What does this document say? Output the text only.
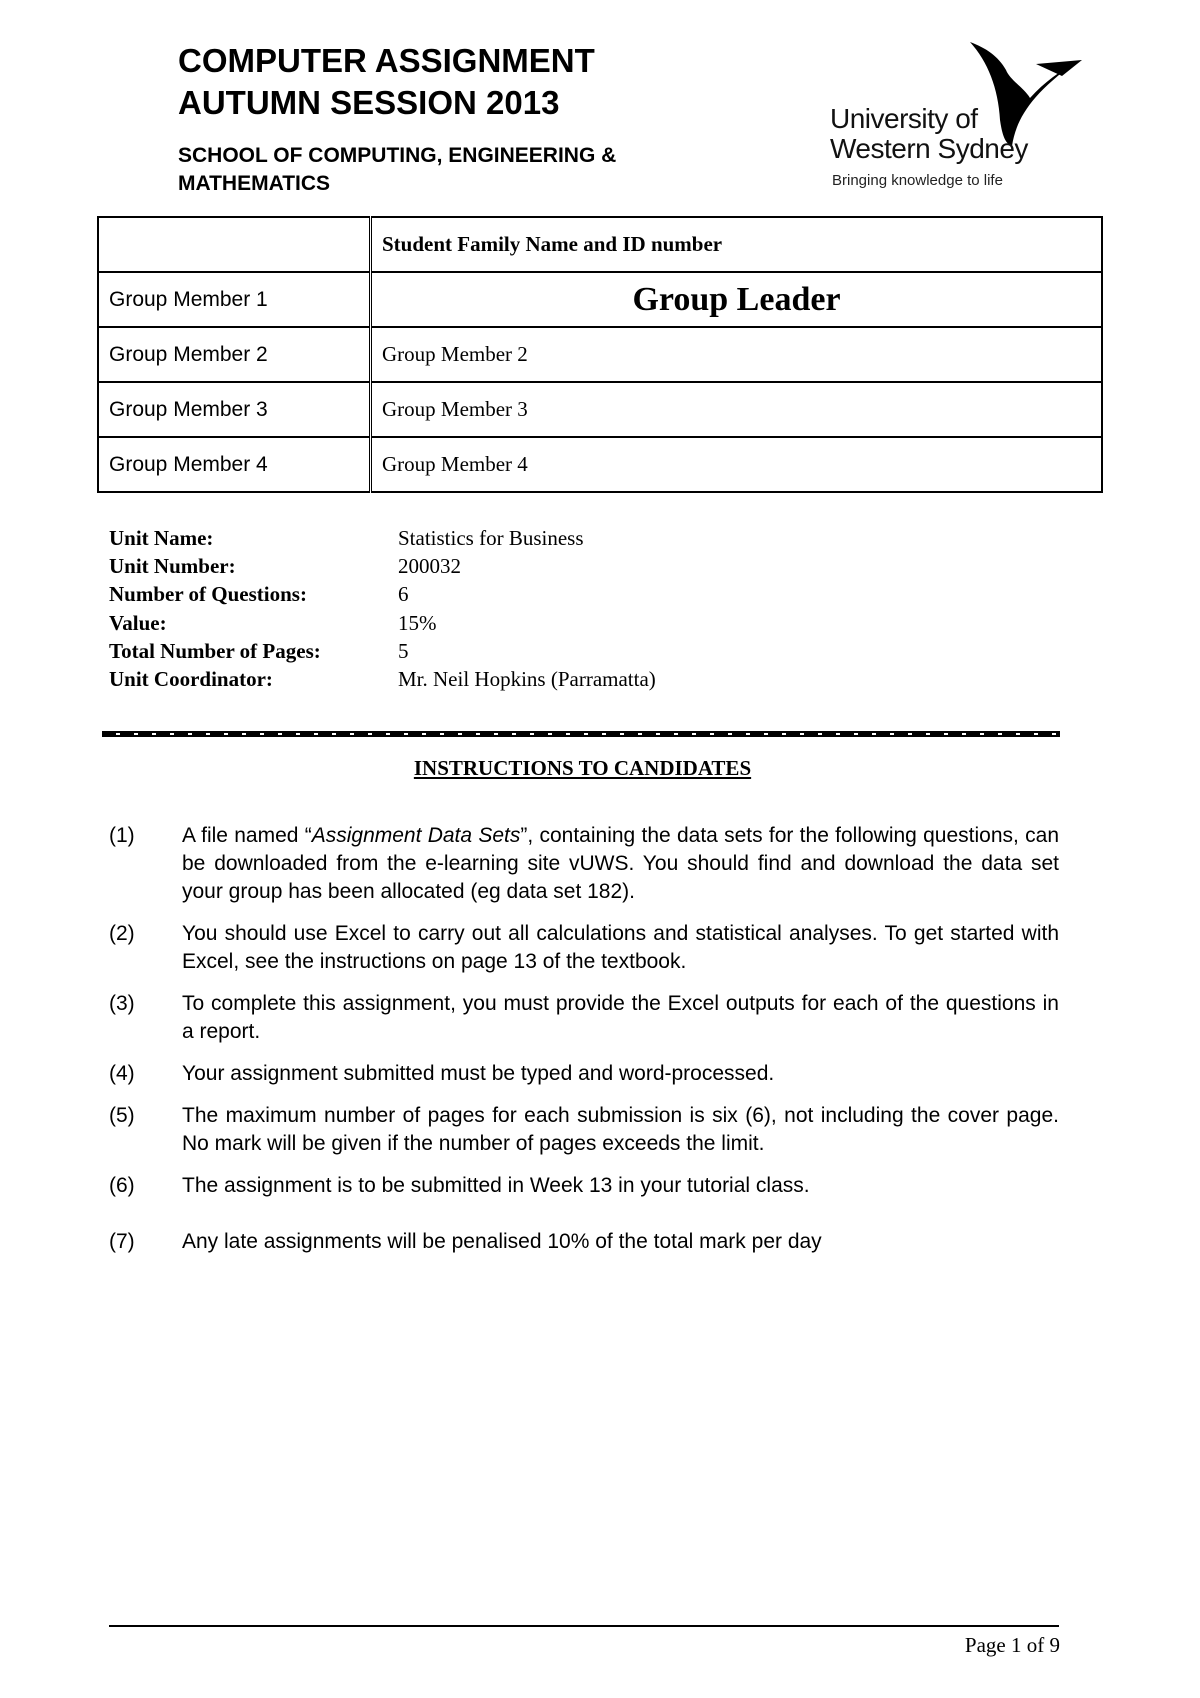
COMPUTER ASSIGNMENT
AUTUMN SESSION 2013
SCHOOL OF COMPUTING, ENGINEERING &
MATHEMATICS
University of
Western Sydney
Bringing knowledge to life
	Student Family Name and ID number
Group Member 1	Group Leader
Group Member 2	Group Member 2
Group Member 3	Group Member 3
Group Member 4	Group Member 4
Unit Name:	Statistics for Business
Unit Number:	200032
Number of Questions:	6
Value:	15%
Total Number of Pages:	5
Unit Coordinator:	Mr. Neil Hopkins (Parramatta)
INSTRUCTIONS TO CANDIDATES
(1)	A file named “Assignment Data Sets”, containing the data sets for the following questions, can be downloaded from the e-learning site vUWS. You should find and download the data set your group has been allocated (eg data set 182).
(2)	You should use Excel to carry out all calculations and statistical analyses. To get started with Excel, see the instructions on page 13 of the textbook.
(3)	To complete this assignment, you must provide the Excel outputs for each of the questions in a report.
(4)	Your assignment submitted must be typed and word-processed.
(5)	The maximum number of pages for each submission is six (6), not including the cover page. No mark will be given if the number of pages exceeds the limit.
(6)	The assignment is to be submitted in Week 13 in your tutorial class.
(7)	Any late assignments will be penalised 10% of the total mark per day
Page 1 of 9
